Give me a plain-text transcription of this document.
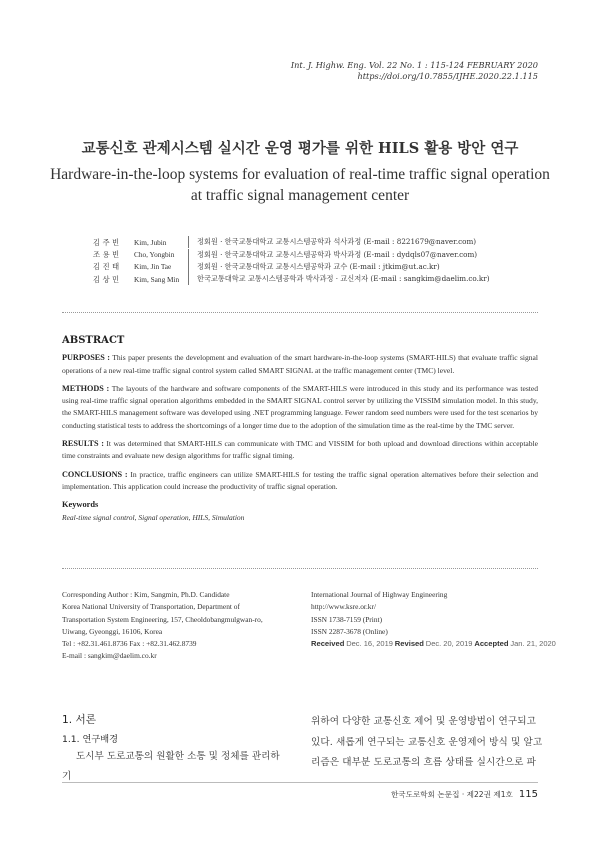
Int. J. Highw. Eng. Vol. 22 No. 1 : 115-124 FEBRUARY 2020
https://doi.org/10.7855/IJHE.2020.22.1.115
교통신호 관제시스템 실시간 운영 평가를 위한 HILS 활용 방안 연구
Hardware-in-the-loop systems for evaluation of real-time traffic signal operation
at traffic signal management center
김 주 빈	Kim, Jubin	정회원 · 한국교통대학교 교통시스템공학과 석사과정 (E-mail : 8221679@naver.com)
조 용 빈	Cho, Yongbin	정회원 · 한국교통대학교 교통시스템공학과 박사과정 (E-mail : dydqls07@naver.com)
김 진 태	Kim, Jin Tae	정회원 · 한국교통대학교 교통시스템공학과 교수 (E-mail : jtkim@ut.ac.kr)
김 상 민	Kim, Sang Min	한국교통대학교 교통시스템공학과 박사과정 · 교신저자 (E-mail : sangkim@daelim.co.kr)
ABSTRACT

PURPOSES : This paper presents the development and evaluation of the smart hardware-in-the-loop systems (SMART-HILS) that evaluate traffic signal operations of a new real-time traffic signal control system called SMART SIGNAL at the traffic management center (TMC) level.

METHODS : The layouts of the hardware and software components of the SMART-HILS were introduced in this study and its performance was tested using real-time traffic signal operation algorithms embedded in the SMART SIGNAL control server by utilizing the VISSIM simulation model. In this study, the SMART-HILS management software was developed using .NET programming language. Fewer random seed numbers were used for the test scenarios by conducting statistical tests to address the shortcomings of a longer time due to the adoption of the simulation time as the real-time by the TMC server.

RESULTS : It was determined that SMART-HILS can communicate with TMC and VISSIM for both upload and download directions within acceptable time constraints and evaluate new design algorithms for traffic signal timing.

CONCLUSIONS : In practice, traffic engineers can utilize SMART-HILS for testing the traffic signal operation alternatives before their selection and implementation. This application could increase the productivity of traffic signal operation.

Keywords
Real-time signal control, Signal operation, HILS, Simulation
Corresponding Author : Kim, Sangmin, Ph.D. Candidate
Korea National University of Transportation, Department of
Transportation System Engineering, 157, Cheoldobangmulgwan-ro,
Uiwang, Gyeonggi, 16106, Korea
Tel : +82.31.461.8736 Fax : +82.31.462.8739
E-mail : sangkim@daelim.co.kr
International Journal of Highway Engineering
http://www.ksre.or.kr/
ISSN 1738-7159 (Print)
ISSN 2287-3678 (Online)
Received Dec. 16, 2019 Revised Dec. 20, 2019 Accepted Jan. 21, 2020
1. 서론
1.1. 연구배경
도시부 도로교통의 원활한 소통 및 정체를 관리하기
위하여 다양한 교통신호 제어 및 운영방법이 연구되고
있다. 새롭게 연구되는 교통신호 운영제어 방식 및 알고
리즘은 대부분 도로교통의 흐름 상태를 실시간으로 파
한국도로학회 논문집 · 제22권 제1호 115
